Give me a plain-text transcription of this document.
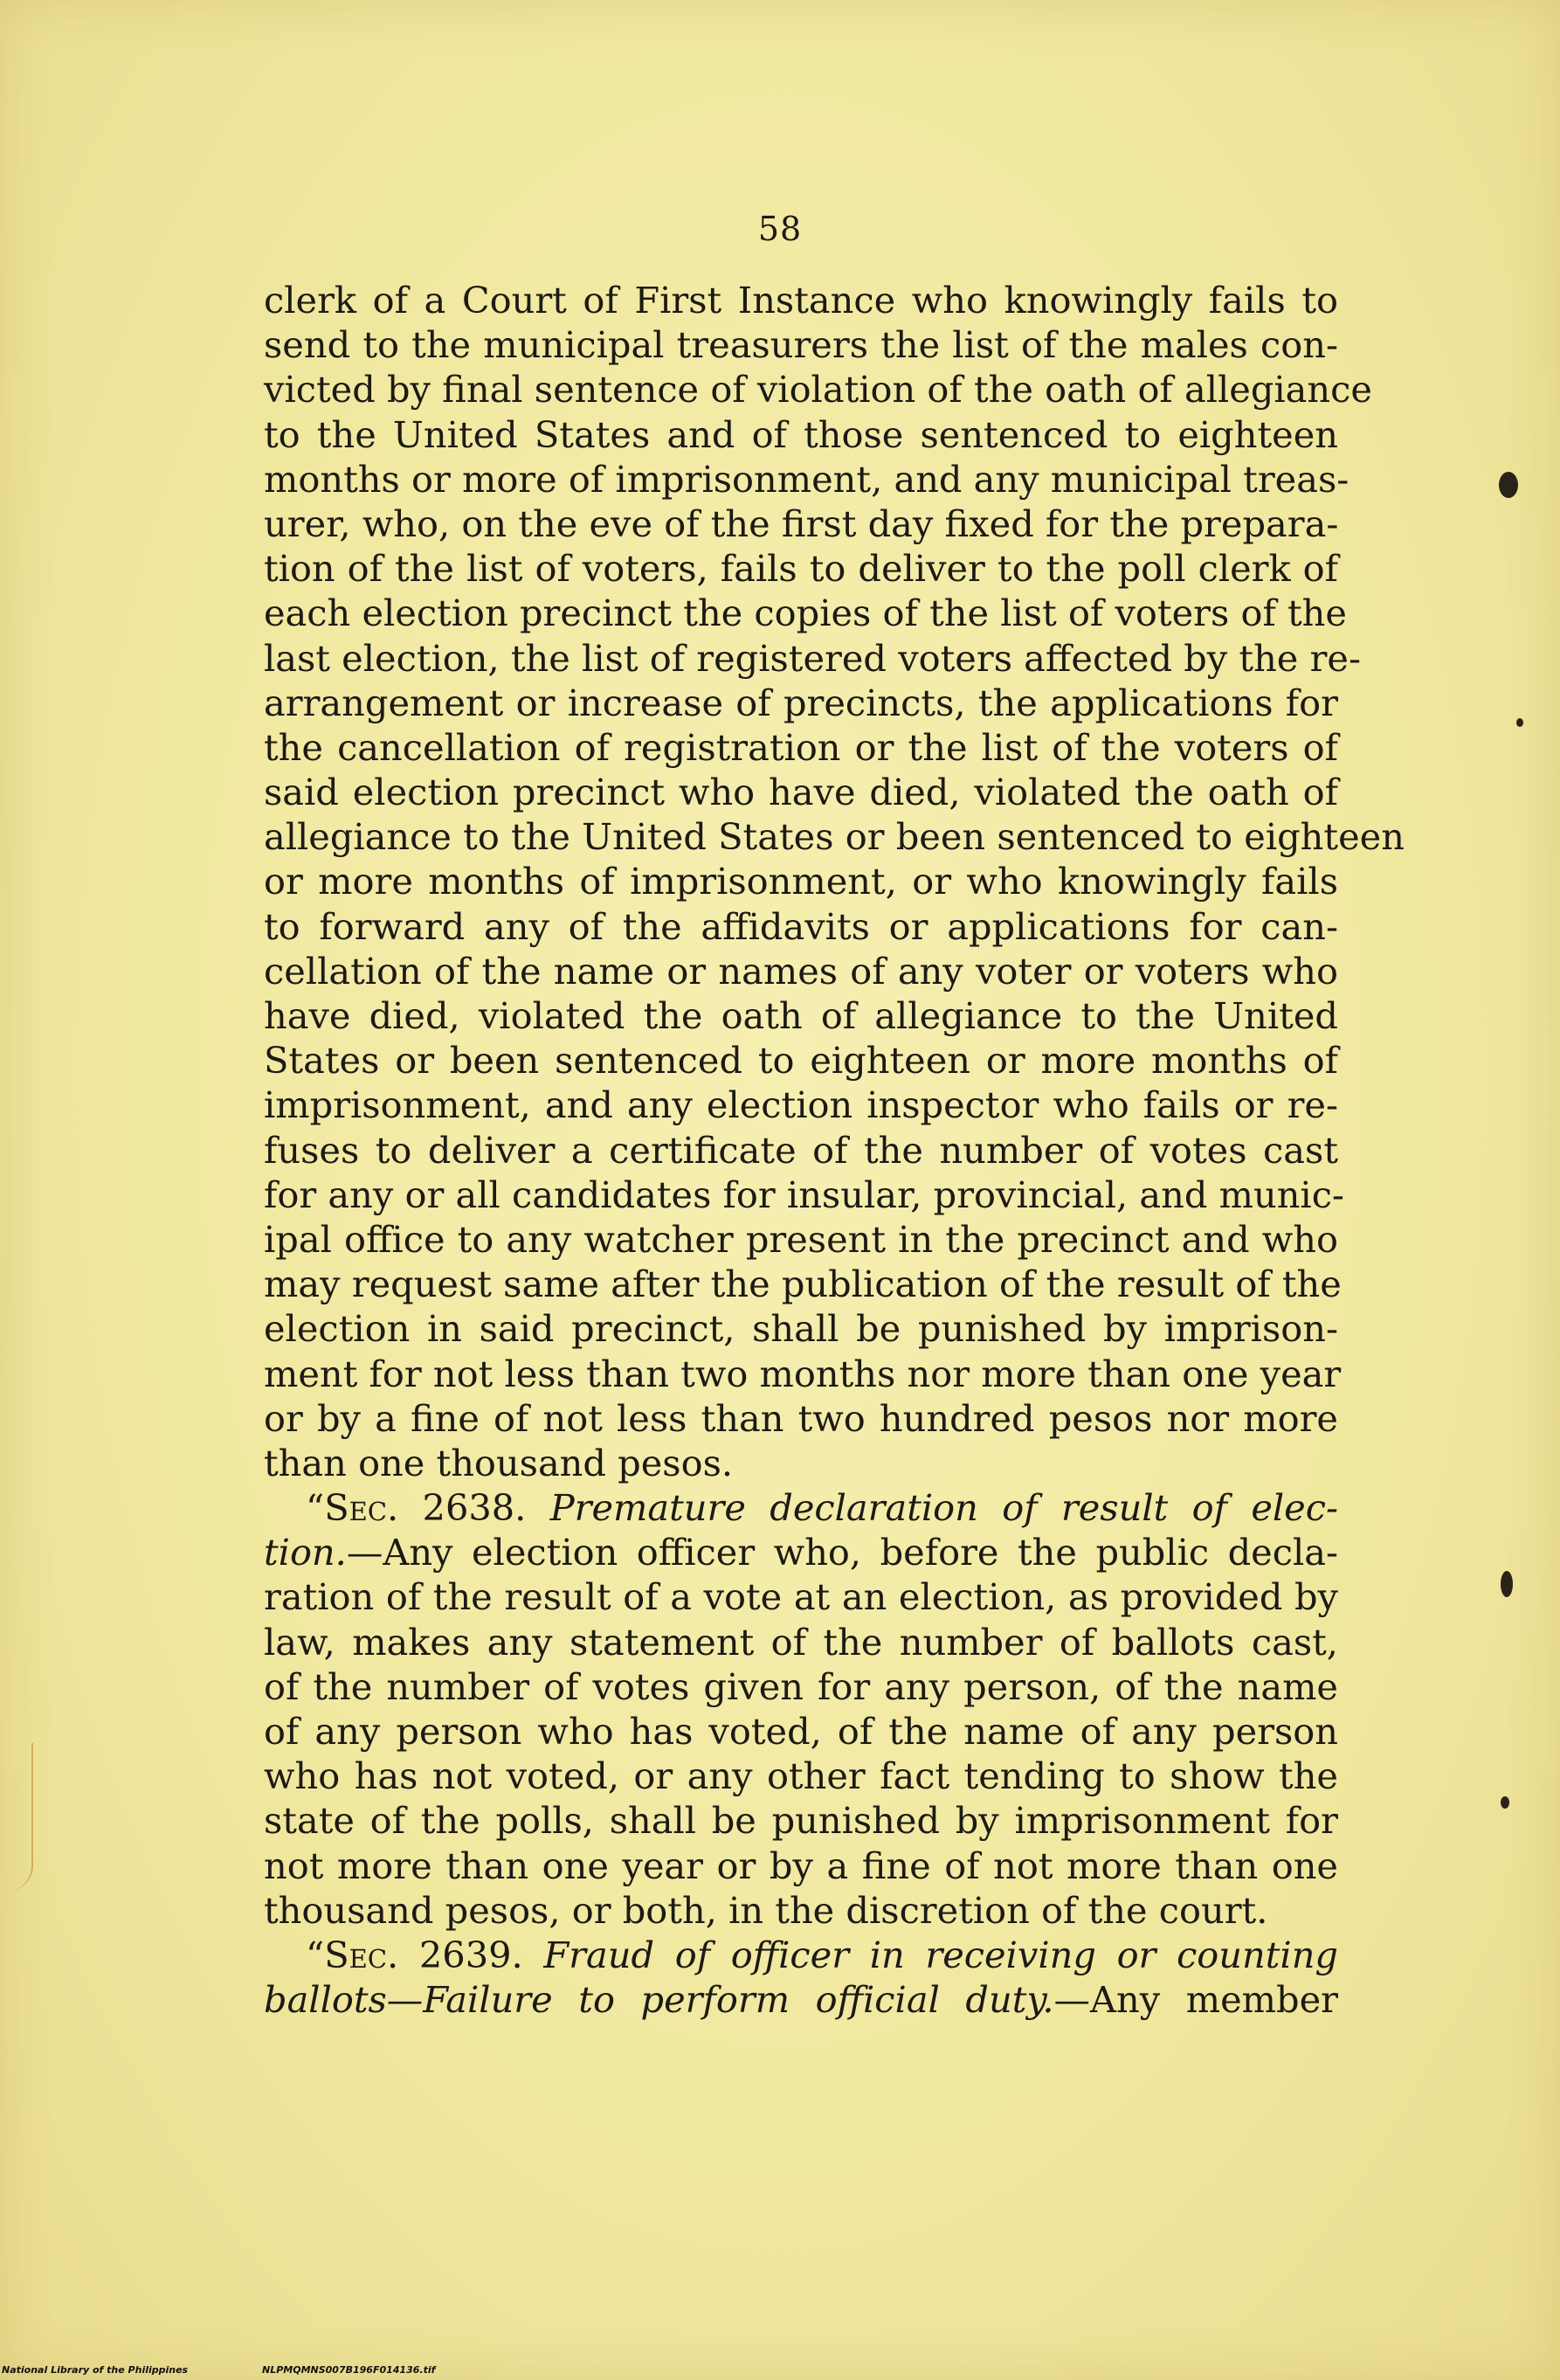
58
clerk of a Court of First Instance who knowingly fails to
send to the municipal treasurers the list of the males con-
victed by final sentence of violation of the oath of allegiance
to the United States and of those sentenced to eighteen
months or more of imprisonment, and any municipal treas-
urer, who, on the eve of the first day fixed for the prepara-
tion of the list of voters, fails to deliver to the poll clerk of
each election precinct the copies of the list of voters of the
last election, the list of registered voters affected by the re-
arrangement or increase of precincts, the applications for
the cancellation of registration or the list of the voters of
said election precinct who have died, violated the oath of
allegiance to the United States or been sentenced to eighteen
or more months of imprisonment, or who knowingly fails
to forward any of the affidavits or applications for can-
cellation of the name or names of any voter or voters who
have died, violated the oath of allegiance to the United
States or been sentenced to eighteen or more months of
imprisonment, and any election inspector who fails or re-
fuses to deliver a certificate of the number of votes cast
for any or all candidates for insular, provincial, and munic-
ipal office to any watcher present in the precinct and who
may request same after the publication of the result of the
election in said precinct, shall be punished by imprison-
ment for not less than two months nor more than one year
or by a fine of not less than two hundred pesos nor more
than one thousand pesos.
“Sec. 2638. Premature declaration of result of elec-
tion.—Any election officer who, before the public decla-
ration of the result of a vote at an election, as provided by
law, makes any statement of the number of ballots cast,
of the number of votes given for any person, of the name
of any person who has voted, of the name of any person
who has not voted, or any other fact tending to show the
state of the polls, shall be punished by imprisonment for
not more than one year or by a fine of not more than one
thousand pesos, or both, in the discretion of the court.
“Sec. 2639. Fraud of officer in receiving or counting
ballots—Failure to perform official duty.—Any member
National Library of the Philippines	NLPMQMNS007B196F014136.tif
